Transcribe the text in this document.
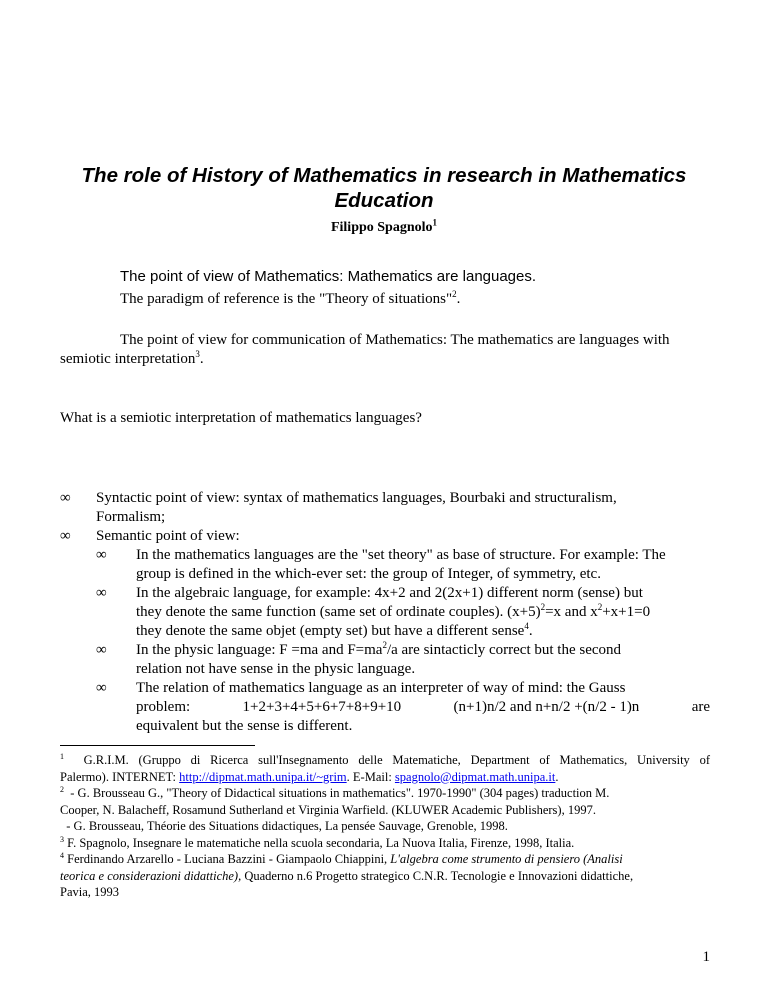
The role of History of Mathematics in research in Mathematics Education
Filippo Spagnolo$^1$
The point of view of Mathematics: Mathematics are languages.
The paradigm of reference is the "Theory of situations"$^2$.
The point of view for communication of Mathematics: The mathematics are languages with
semiotic interpretation$^3$.
What is a semiotic interpretation of mathematics languages?
∞ Syntactic point of view: syntax of mathematics languages, Bourbaki and structuralism,
Formalism;
∞ Semantic point of view:
∞ In the mathematics languages are the "set theory" as base of structure. For example: The
group is defined in the which-ever set: the group of Integer, of symmetry, etc.
∞ In the algebraic language, for example: 4x+2 and 2(2x+1) different norm (sense) but
they denote the same function (same set of ordinate couples). $(x+5)^2=x$ and $x^2+x+1=0$
they denote the same objet (empty set) but have a different sense$^4$.
∞ In the physic language: F =ma and $F=ma^2/a$ are sintacticly correct but the second
relation not have sense in the physic language.
∞ The relation of mathematics language as an interpreter of way of mind: the Gauss
problem:	1+2+3+4+5+6+7+8+9+10	(n+1)n/2 and n+n/2 +(n/2 - 1)n	are
equivalent but the sense is different.
$^1$ G.R.I.M. (Gruppo di Ricerca sull'Insegnamento delle Matematiche, Department of Mathematics, University of
Palermo). INTERNET: http://dipmat.math.unipa.it/~grim. E-Mail: spagnolo@dipmat.math.unipa.it.
$^2$  - G. Brousseau G., "Theory of Didactical situations in mathematics". 1970-1990" (304 pages) traduction M.
Cooper, N. Balacheff, Rosamund Sutherland et Virginia Warfield. (KLUWER Academic Publishers), 1997.
- G. Brousseau, Théorie des Situations didactiques, La pensée Sauvage, Grenoble, 1998.
$^3$ F. Spagnolo, Insegnare le matematiche nella scuola secondaria, La Nuova Italia, Firenze, 1998, Italia.
$^4$ Ferdinando Arzarello - Luciana Bazzini - Giampaolo Chiappini, L'algebra come strumento di pensiero (Analisi
teorica e considerazioni didattiche), Quaderno n.6 Progetto strategico C.N.R. Tecnologie e Innovazioni didattiche,
Pavia, 1993
1
